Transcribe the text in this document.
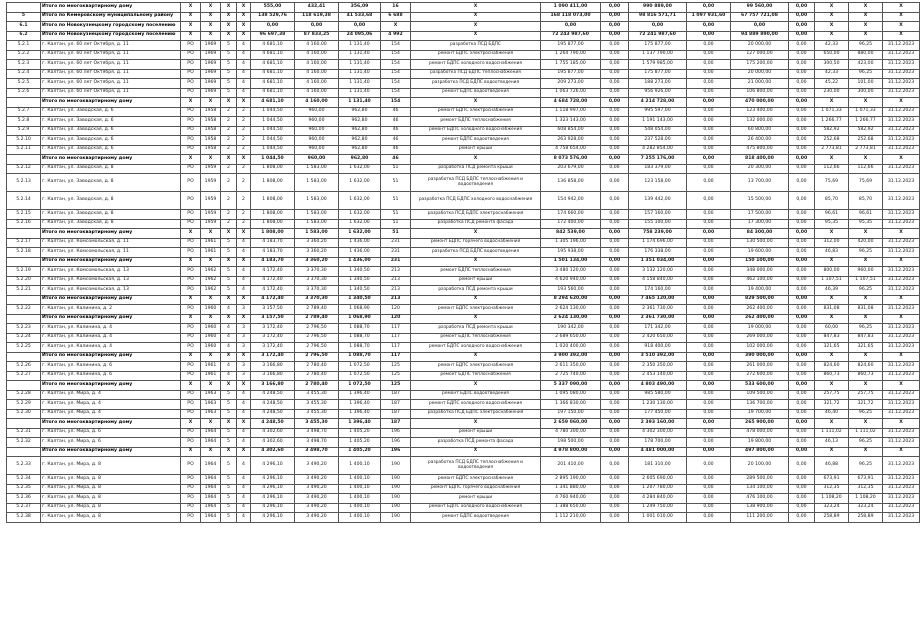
	Итого по многоквартирному дому	Х	Х	Х	Х	555,00	432,41	356,09	16	Х	1 090 411,00	0,00	990 889,00	0,00	99 560,00	0,00	Х	Х	Х
5	Итого по Кемеровскому муниципальному району	Х	Х	Х	Х	138 529,76	118 619,38	41 533,68	6 688	Х	168 118 073,00	0,00	98 816 571,71	1 097 931,60	67 757 721,08	0,00	Х	Х	Х
6.1	Итого по Новокузнецкому городскому поселению	Х	Х	Х	Х	0,00	0,00	0,00	Х	Х	0,00	0,00	0,00	0,00	0,00	0,00	Х	Х	Х
6.2	Итого по Новокузнецкому городскому поселению	Х	Х	Х	Х	96 697,38	87 833,25	24 095,06	4 992	Х	72 243 987,60	0,00	72 241 987,60	0,00	94 889 890,00	0,00	Х	Х	Х
5.2.1	г. Калтан, ул. 60 лет Октября, д. 11	РО	1969	5	4	4 681,10	4 160,00	1 131,40	154	разработка ПСД БДПС	195 877,00	0,00	175 877,00	0,00	20 000,00	0,00	42,33	96,25	31.12.2023
5.2.2	г. Калтан, ул. 60 лет Октября, д. 11	РО	1969	5	4	4 681,10	4 160,00	1 131,40	154	ремонт БДПС электроснабжения	1 264 790,00	0,00	1 137 790,00	0,00	127 000,00	0,00	650,00	880,00	31.12.2023
5.2.3	г. Калтан, ул. 60 лет Октября, д. 11	РО	1969	5	4	4 681,10	4 160,00	1 131,40	154	ремонт БДПС холодного водоснабжения	1 755 185,00	0,00	1 579 985,00	0,00	175 200,00	0,00	300,50	423,00	31.12.2023
5.2.4	г. Калтан, ул. 60 лет Октября, д. 11	РО	1969	5	4	4 681,10	4 160,00	1 131,40	154	разработка ПСД БДПС теплоснабжения	195 877,00	0,00	175 877,00	0,00	20 000,00	0,00	42,33	96,25	31.12.2023
5.2.5	г. Калтан, ул. 60 лет Октября, д. 11	РО	1969	5	4	4 681,10	4 160,00	1 131,40	154	разработка ПСД БДПС водоотведения	209 273,00	0,00	188 273,00	0,00	21 000,00	0,00	45,22	101,00	31.12.2023
5.2.6	г. Калтан, ул. 60 лет Октября, д. 11	РО	1969	5	4	4 681,10	4 160,00	1 131,40	154	ремонт БДПС водоотведения	1 063 726,00	0,00	956 926,00	0,00	106 800,00	0,00	230,00	300,00	31.12.2023
	Итого по многоквартирному дому	Х	Х	Х	Х	4 681,10	4 160,00	1 131,40	154	Х	4 684 728,00	0,00	4 214 728,00	0,00	470 000,00	0,00	Х	Х	Х
5.2.7	г. Калтан, ул. Заводская, д. 6	РО	1958	2	2	1 044,50	960,00	962,80	46	ремонт БДПС электроснабжения	1 118 997,00	0,00	995 597,00	0,00	123 400,00	0,00	1 071,33	1 071,33	31.12.2023
5.2.8	г. Калтан, ул. Заводская, д. 6	РО	1958	2	2	1 044,50	960,00	962,80	46	ремонт БДПС теплоснабжения	1 323 143,00	0,00	1 191 143,00	0,00	132 000,00	0,00	1 266,77	1 266,77	31.12.2023
5.2.9	г. Калтан, ул. Заводская, д. 6	РО	1958	2	2	1 044,50	960,00	962,80	46	ремонт БДПС холодного водоснабжения	608 854,00	0,00	548 054,00	0,00	60 800,00	0,00	582,92	582,92	31.12.2023
5.2.10	г. Калтан, ул. Заводская, д. 6	РО	1958	2	2	1 044,50	960,00	962,80	46	ремонт БДПС водоотведения	263 928,00	0,00	237 528,00	0,00	26 400,00	0,00	252,68	252,68	31.12.2023
5.2.11	г. Калтан, ул. Заводская, д. 6	РО	1958	2	2	1 044,50	960,00	962,80	46	ремонт крыши	4 758 654,00	0,00	4 282 854,00	0,00	475 800,00	0,00	2 773,81	2 773,81	31.12.2023
	Итого по многоквартирному дому	Х	Х	Х	Х	1 044,50	960,00	962,80	46	Х	8 073 576,00	0,00	7 255 176,00	0,00	818 400,00	0,00	Х	Х	Х
5.2.12	г. Калтан, ул. Заводская, д. 8	РО	1959	2	2	1 808,00	1 583,00	1 632,00	51	разработка ПСД ремонта крыши	203 679,00	0,00	183 379,00	0,00	20 300,00	0,00	112,66	112,66	31.12.2023
5.2.13	г. Калтан, ул. Заводская, д. 8	РО	1959	2	2	1 808,00	1 583,00	1 632,00	51	разработка ПСД БДПС теплоснабжения и водоотведения	136 858,00	0,00	123 158,00	0,00	13 700,00	0,00	75,69	75,69	31.12.2023
5.2.14	г. Калтан, ул. Заводская, д. 8	РО	1959	2	2	1 808,00	1 583,00	1 632,00	51	разработка ПСД БДПС холодного водоснабжения	154 942,00	0,00	139 442,00	0,00	15 500,00	0,00	85,70	85,70	31.12.2023
5.2.15	г. Калтан, ул. Заводская, д. 8	РО	1959	2	2	1 808,00	1 583,00	1 632,00	51	разработка ПСД БДПС электроснабжения	174 660,00	0,00	157 160,00	0,00	17 500,00	0,00	96,61	96,61	31.12.2023
5.2.16	г. Калтан, ул. Заводская, д. 8	РО	1959	2	2	1 808,00	1 583,00	1 632,00	51	разработка ПСД ремонта фасада	172 400,00	0,00	155 100,00	0,00	17 300,00	0,00	95,35	95,35	31.12.2023
	Итого по многоквартирному дому	Х	Х	Х	Х	1 808,00	1 583,00	1 632,00	51	Х	842 539,00	0,00	758 239,00	0,00	84 300,00	0,00	Х	Х	Х
5.2.17	г. Калтан, ул. Комсомольская, д. 11	РО	1961	5	4	4 183,70	3 360,20	1 436,00	231	ремонт БДПС горячего водоснабжения	1 305 196,00	0,00	1 174 696,00	0,00	130 500,00	0,00	312,00	420,00	31.12.2023
5.2.18	г. Калтан, ул. Комсомольская, д. 11	РО	1961	5	4	4 183,70	3 360,20	1 436,00	231	разработка ПСД БДПС водоотведения	195 938,00	0,00	176 338,00	0,00	19 600,00	0,00	46,83	96,25	31.12.2023
	Итого по многоквартирному дому	Х	Х	Х	Х	4 183,70	3 360,20	1 436,00	231	Х	1 501 134,00	0,00	1 351 034,00	0,00	150 100,00	0,00	Х	Х	Х
5.2.19	г. Калтан, ул. Комсомольская, д. 13	РО	1962	5	4	4 172,40	3 370,30	1 340,50	213	ремонт БДПС теплоснабжения	3 480 120,00	0,00	3 132 120,00	0,00	348 000,00	0,00	800,00	960,00	31.12.2023
5.2.20	г. Калтан, ул. Комсомольская, д. 13	РО	1962	5	4	4 172,40	3 370,30	1 340,50	213	ремонт крыши	4 620 940,00	0,00	4 158 840,00	0,00	462 100,00	0,00	1 107,51	1 107,51	31.12.2023
5.2.21	г. Калтан, ул. Комсомольская, д. 13	РО	1962	5	4	4 172,40	3 370,30	1 340,50	213	разработка ПСД ремонта крыши	193 560,00	0,00	174 160,00	0,00	19 400,00	0,00	46,39	96,25	31.12.2023
	Итого по многоквартирному дому	Х	Х	Х	Х	4 172,40	3 370,30	1 340,50	213	Х	8 294 620,00	0,00	7 465 120,00	0,00	829 500,00	0,00	Х	Х	Х
5.2.22	г. Калтан, ул. Калинина, д. 2	РО	1960	4	3	3 157,50	2 789,40	1 068,90	120	ремонт БДПС электроснабжения	2 624 130,00	0,00	2 361 730,00	0,00	262 400,00	0,00	831,08	831,08	31.12.2023
	Итого по многоквартирному дому	Х	Х	Х	Х	3 157,50	2 789,40	1 068,90	120	Х	2 624 130,00	0,00	2 361 730,00	0,00	262 400,00	0,00	Х	Х	Х
5.2.23	г. Калтан, ул. Калинина, д. 4	РО	1960	4	3	3 172,40	2 796,50	1 088,70	117	разработка ПСД ремонта крыши	190 342,00	0,00	171 342,00	0,00	19 000,00	0,00	60,00	96,25	31.12.2023
5.2.24	г. Калтан, ул. Калинина, д. 4	РО	1960	4	3	3 172,40	2 796,50	1 088,70	117	ремонт БДПС теплоснабжения	2 689 650,00	0,00	2 420 650,00	0,00	269 000,00	0,00	847,83	847,83	31.12.2023
5.2.25	г. Калтан, ул. Калинина, д. 4	РО	1960	4	3	3 172,40	2 796,50	1 088,70	117	ремонт БДПС холодного водоснабжения	1 020 400,00	0,00	918 400,00	0,00	102 000,00	0,00	321,65	321,65	31.12.2023
	Итого по многоквартирному дому	Х	Х	Х	Х	3 172,40	2 796,50	1 088,70	117	Х	3 900 392,00	0,00	3 510 392,00	0,00	390 000,00	0,00	Х	Х	Х
5.2.26	г. Калтан, ул. Калинина, д. 6	РО	1961	4	3	3 166,80	2 780,40	1 072,50	125	ремонт БДПС электроснабжения	2 611 350,00	0,00	2 350 350,00	0,00	261 000,00	0,00	824,60	824,60	31.12.2023
5.2.27	г. Калтан, ул. Калинина, д. 6	РО	1961	4	3	3 166,80	2 780,40	1 072,50	125	ремонт БДПС теплоснабжения	2 725 740,00	0,00	2 453 140,00	0,00	272 600,00	0,00	860,73	860,73	31.12.2023
	Итого по многоквартирному дому	Х	Х	Х	Х	3 166,80	2 780,40	1 072,50	125	Х	5 337 090,00	0,00	4 803 490,00	0,00	533 600,00	0,00	Х	Х	Х
5.2.28	г. Калтан, ул. Мира, д. 4	РО	1963	5	4	4 248,50	3 455,30	1 396,40	187	ремонт БДПС водоотведения	1 095 080,00	0,00	985 580,00	0,00	109 500,00	0,00	257,75	257,75	31.12.2023
5.2.29	г. Калтан, ул. Мира, д. 4	РО	1963	5	4	4 248,50	3 455,30	1 396,40	187	ремонт БДПС холодного водоснабжения	1 366 830,00	0,00	1 230 130,00	0,00	136 700,00	0,00	321,72	321,72	31.12.2023
5.2.30	г. Калтан, ул. Мира, д. 4	РО	1963	5	4	4 248,50	3 455,30	1 396,40	187	разработка ПСД БДПС электроснабжения	197 150,00	0,00	177 450,00	0,00	19 700,00	0,00	46,40	96,25	31.12.2023
	Итого по многоквартирному дому	Х	Х	Х	Х	4 248,50	3 455,30	1 396,40	187	Х	2 659 060,00	0,00	2 393 160,00	0,00	265 900,00	0,00	Х	Х	Х
5.2.31	г. Калтан, ул. Мира, д. 6	РО	1964	5	4	4 302,60	3 498,70	1 405,20	196	ремонт крыши	4 780 300,00	0,00	4 302 300,00	0,00	478 000,00	0,00	1 111,02	1 111,02	31.12.2023
5.2.32	г. Калтан, ул. Мира, д. 6	РО	1964	5	4	4 302,60	3 498,70	1 405,20	196	разработка ПСД ремонта фасада	198 500,00	0,00	178 700,00	0,00	19 800,00	0,00	46,13	96,25	31.12.2023
	Итого по многоквартирному дому	Х	Х	Х	Х	4 302,60	3 498,70	1 405,20	196	Х	4 978 800,00	0,00	4 481 000,00	0,00	497 800,00	0,00	Х	Х	Х
5.2.33	г. Калтан, ул. Мира, д. 8	РО	1964	5	4	4 296,10	3 490,20	1 400,10	190	разработка ПСД БДПС теплоснабжения и водоотведения	201 410,00	0,00	181 310,00	0,00	20 100,00	0,00	46,88	96,25	31.12.2023
5.2.34	г. Калтан, ул. Мира, д. 8	РО	1964	5	4	4 296,10	3 490,20	1 400,10	190	ремонт БДПС электроснабжения	2 895 190,00	0,00	2 605 690,00	0,00	289 500,00	0,00	673,91	673,91	31.12.2023
5.2.35	г. Калтан, ул. Мира, д. 8	РО	1964	5	4	4 296,10	3 490,20	1 400,10	190	ремонт БДПС горячего водоснабжения	1 341 880,00	0,00	1 207 780,00	0,00	134 100,00	0,00	312,35	312,35	31.12.2023
5.2.36	г. Калтан, ул. Мира, д. 8	РО	1964	5	4	4 296,10	3 490,20	1 400,10	190	ремонт крыши	4 760 940,00	0,00	4 284 840,00	0,00	476 100,00	0,00	1 108,20	1 108,20	31.12.2023
5.2.37	г. Калтан, ул. Мира, д. 8	РО	1964	5	4	4 296,10	3 490,20	1 400,10	190	ремонт БДПС холодного водоснабжения	1 388 650,00	0,00	1 249 750,00	0,00	138 900,00	0,00	323,24	323,24	31.12.2023
5.2.38	г. Калтан, ул. Мира, д. 8	РО	1964	5	4	4 296,10	3 490,20	1 400,10	190	ремонт БДПС водоотведения	1 112 210,00	0,00	1 001 010,00	0,00	111 200,00	0,00	258,89	258,89	31.12.2023
